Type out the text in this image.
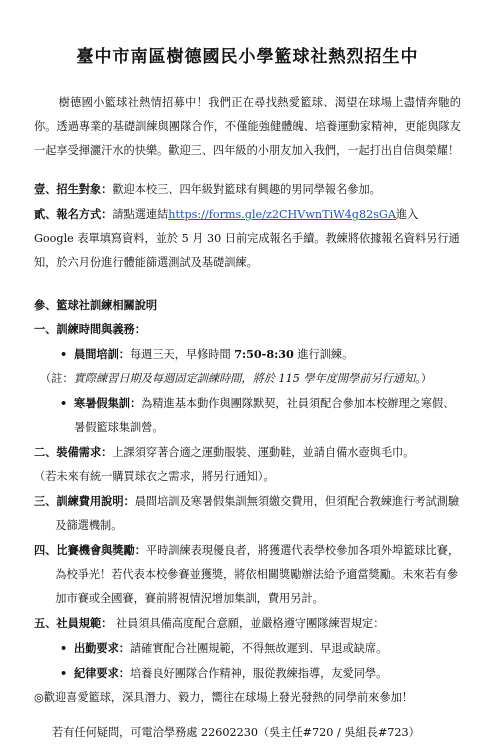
臺中市南區樹德國民小學籃球社熱烈招生中

樹德國小籃球社熱情招募中！我們正在尋找熱愛籃球、渴望在球場上盡情奔馳的你。透過專業的基礎訓練與團隊合作，不僅能強健體魄、培養運動家精神，更能與隊友一起享受揮灑汗水的快樂。歡迎三、四年級的小朋友加入我們，一起打出自信與榮耀！

壹、招生對象：歡迎本校三、四年級對籃球有興趣的男同學報名參加。

貳、報名方式：請點選連結https://forms.gle/z2CHVwnTiW4g82sGA進入 Google 表單填寫資料，並於 5 月 30 日前完成報名手續。教練將依據報名資料另行通知，於六月份進行體能篩選測試及基礎訓練。

參、籃球社訓練相關說明

一、訓練時間與義務：

• 晨間培訓：每週三天，早修時間 7:50-8:30 進行訓練。
（註：實際練習日期及每週固定訓練時間，將於 115 學年度開學前另行通知。）
• 寒暑假集訓：為精進基本動作與團隊默契，社員須配合參加本校辦理之寒假、暑假籃球集訓營。

二、裝備需求：上課須穿著合適之運動服裝、運動鞋，並請自備水壺與毛巾。

（若未來有統一購買球衣之需求，將另行通知）。

三、訓練費用說明：晨間培訓及寒暑假集訓無須繳交費用，但須配合教練進行考試測驗及篩選機制。

四、比賽機會與獎勵：平時訓練表現優良者，將獲選代表學校參加各項外埠籃球比賽，為校爭光！若代表本校參賽並獲獎，將依相關獎勵辦法給予適當獎勵。未來若有參加市賽或全國賽，賽前將視情況增加集訓，費用另計。

五、社員規範： 社員須具備高度配合意願，並嚴格遵守團隊練習規定：

• 出勤要求：請確實配合社團規範，不得無故遲到、早退或缺席。
• 紀律要求：培養良好團隊合作精神，服從教練指導，友愛同學。

◎歡迎喜愛籃球，深具潛力、毅力，嚮往在球場上發光發熱的同學前來參加！

若有任何疑問，可電洽學務處 22602230（吳主任#720 / 吳組長#723）
